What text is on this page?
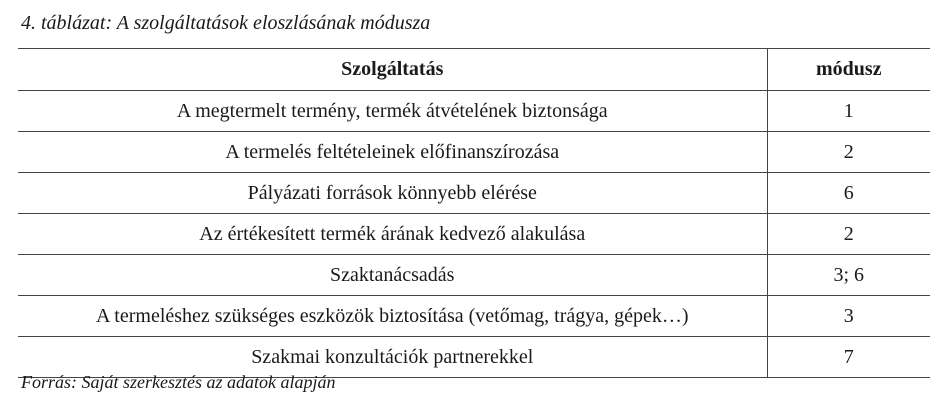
4. táblázat: A szolgáltatások eloszlásának módusza
Szolgáltatás	módusz
A megtermelt termény, termék átvételének biztonsága	1
A termelés feltételeinek előfinanszírozása	2
Pályázati források könnyebb elérése	6
Az értékesített termék árának kedvező alakulása	2
Szaktanácsadás	3; 6
A termeléshez szükséges eszközök biztosítása (vetőmag, trágya, gépek…)	3
Szakmai konzultációk partnerekkel	7
Forrás: Saját szerkesztés az adatok alapján
